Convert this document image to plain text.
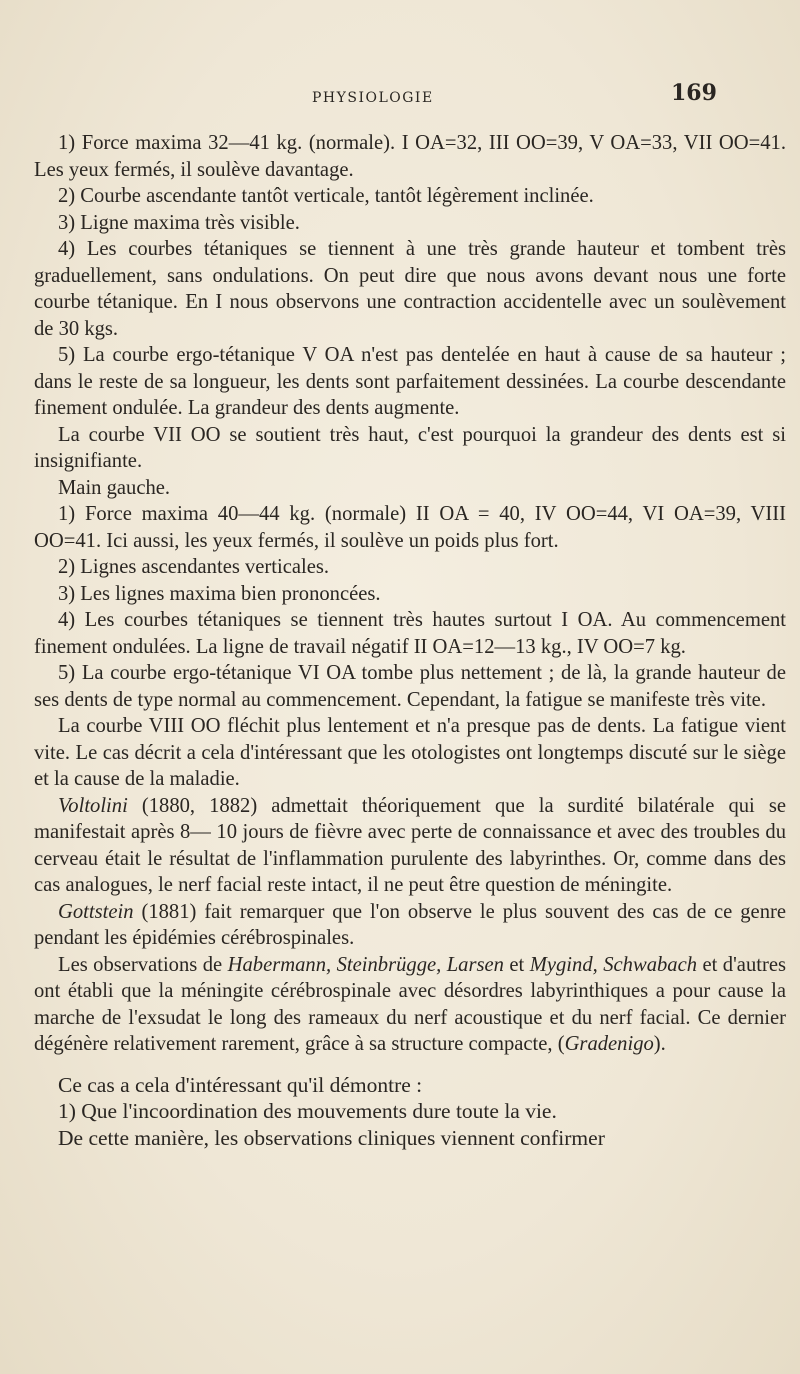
PHYSIOLOGIE	169

1) Force maxima 32—41 kg. (normale). I OA=32, III OO=39, V OA=33, VII OO=41. Les yeux fermés, il soulève davantage.

2) Courbe ascendante tantôt verticale, tantôt légèrement inclinée.

3) Ligne maxima très visible.

4) Les courbes tétaniques se tiennent à une très grande hauteur et tombent très graduellement, sans ondulations. On peut dire que nous avons devant nous une forte courbe tétanique. En I nous observons une contraction accidentelle avec un soulèvement de 30 kgs.

5) La courbe ergo-tétanique V OA n'est pas dentelée en haut à cause de sa hauteur ; dans le reste de sa longueur, les dents sont parfaitement dessinées. La courbe descendante finement ondulée. La grandeur des dents augmente.

La courbe VII OO se soutient très haut, c'est pourquoi la grandeur des dents est si insignifiante.

Main gauche.

1) Force maxima 40—44 kg. (normale) II OA = 40, IV OO=44, VI OA=39, VIII OO=41. Ici aussi, les yeux fermés, il soulève un poids plus fort.

2) Lignes ascendantes verticales.

3) Les lignes maxima bien prononcées.

4) Les courbes tétaniques se tiennent très hautes surtout I OA. Au commencement finement ondulées. La ligne de travail négatif II OA=12—13 kg., IV OO=7 kg.

5) La courbe ergo-tétanique VI OA tombe plus nettement ; de là, la grande hauteur de ses dents de type normal au commencement. Cependant, la fatigue se manifeste très vite.

La courbe VIII OO fléchit plus lentement et n'a presque pas de dents. La fatigue vient vite. Le cas décrit a cela d'intéressant que les otologistes ont longtemps discuté sur le siège et la cause de la maladie.

Voltolini (1880, 1882) admettait théoriquement que la surdité bilatérale qui se manifestait après 8— 10 jours de fièvre avec perte de connaissance et avec des troubles du cerveau était le résultat de l'inflammation purulente des labyrinthes. Or, comme dans des cas analogues, le nerf facial reste intact, il ne peut être question de méningite.

Gottstein (1881) fait remarquer que l'on observe le plus souvent des cas de ce genre pendant les épidémies cérébrospinales.

Les observations de Habermann, Steinbrügge, Larsen et Mygind, Schwabach et d'autres ont établi que la méningite cérébrospinale avec désordres labyrinthiques a pour cause la marche de l'exsudat le long des rameaux du nerf acoustique et du nerf facial. Ce dernier dégénère relativement rarement, grâce à sa structure compacte, (Gradenigo).

Ce cas a cela d'intéressant qu'il démontre :

1) Que l'incoordination des mouvements dure toute la vie.

De cette manière, les observations cliniques viennent confirmer
